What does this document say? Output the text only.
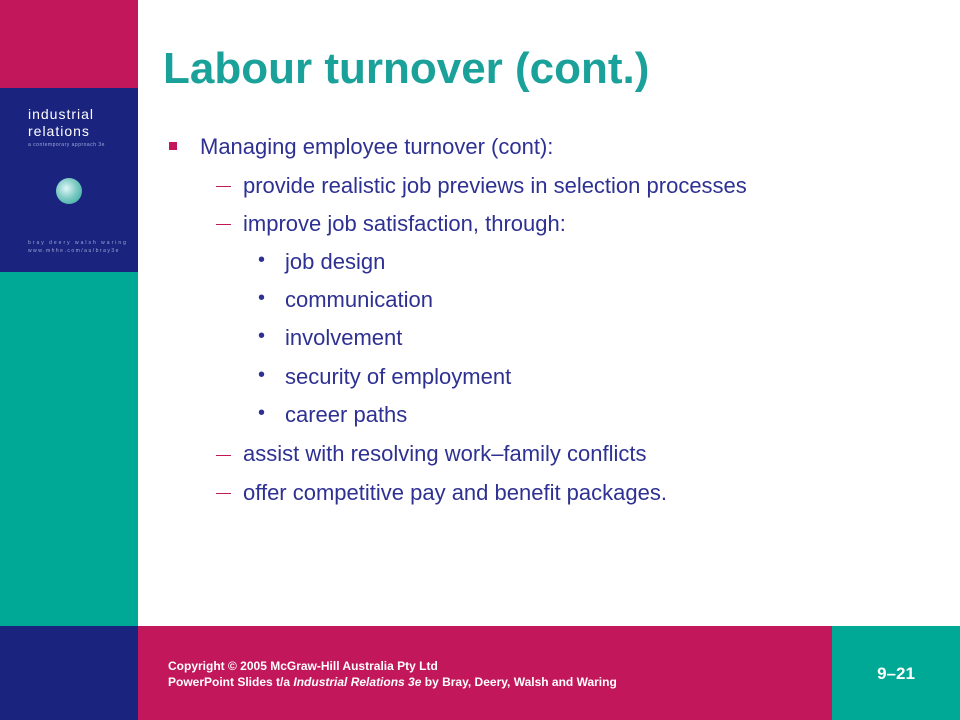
industrial
relations
a contemporary approach 3e
bray deery walsh waring
www.mhhe.com/au/bray3e
Labour turnover (cont.)
Managing employee turnover (cont):
provide realistic job previews in selection processes
improve job satisfaction, through:
• job design
• communication
• involvement
• security of employment
• career paths
assist with resolving work–family conflicts
offer competitive pay and benefit packages.
Copyright © 2005 McGraw-Hill Australia Pty Ltd
PowerPoint Slides t/a Industrial Relations 3e by Bray, Deery, Walsh and Waring	9–21
